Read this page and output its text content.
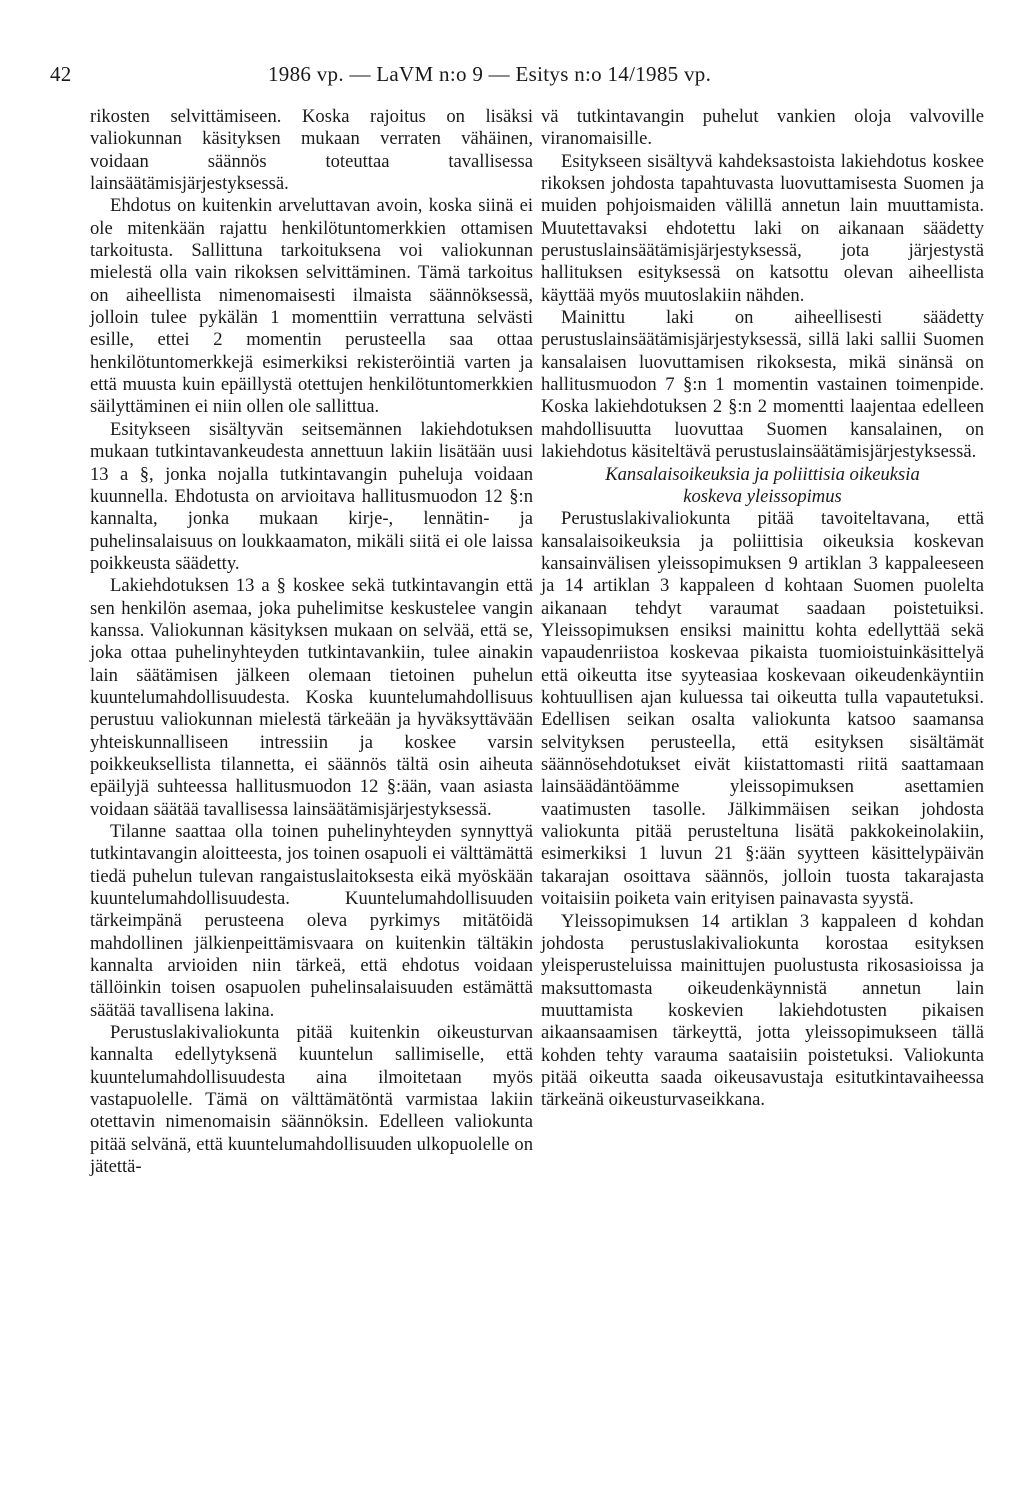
42	1986 vp. — LaVM n:o 9 — Esitys n:o 14/1985 vp.

rikosten selvittämiseen. Koska rajoitus on lisäksi valiokunnan käsityksen mukaan verraten vähäinen, voidaan säännös toteuttaa tavallisessa lainsäätämisjärjestyksessä.

Ehdotus on kuitenkin arveluttavan avoin, koska siinä ei ole mitenkään rajattu henkilötuntomerkkien ottamisen tarkoitusta. Sallittuna tarkoituksena voi valiokunnan mielestä olla vain rikoksen selvittäminen. Tämä tarkoitus on aiheellista nimenomaisesti ilmaista säännöksessä, jolloin tulee pykälän 1 momenttiin verrattuna selvästi esille, ettei 2 momentin perusteella saa ottaa henkilötuntomerkkejä esimerkiksi rekisteröintiä varten ja että muusta kuin epäillystä otettujen henkilötuntomerkkien säilyttäminen ei niin ollen ole sallittua.

Esitykseen sisältyvän seitsemännen lakiehdotuksen mukaan tutkintavankeudesta annettuun lakiin lisätään uusi 13 a §, jonka nojalla tutkintavangin puheluja voidaan kuunnella. Ehdotusta on arvioitava hallitusmuodon 12 §:n kannalta, jonka mukaan kirje-, lennätin- ja puhelinsalaisuus on loukkaamaton, mikäli siitä ei ole laissa poikkeusta säädetty.

Lakiehdotuksen 13 a § koskee sekä tutkintavangin että sen henkilön asemaa, joka puhelimitse keskustelee vangin kanssa. Valiokunnan käsityksen mukaan on selvää, että se, joka ottaa puhelinyhteyden tutkintavankiin, tulee ainakin lain säätämisen jälkeen olemaan tietoinen puhelun kuuntelumahdollisuudesta. Koska kuuntelumahdollisuus perustuu valiokunnan mielestä tärkeään ja hyväksyttävään yhteiskunnalliseen intressiin ja koskee varsin poikkeuksellista tilannetta, ei säännös tältä osin aiheuta epäilyjä suhteessa hallitusmuodon 12 §:ään, vaan asiasta voidaan säätää tavallisessa lainsäätämisjärjestyksessä.

Tilanne saattaa olla toinen puhelinyhteyden synnyttyä tutkintavangin aloitteesta, jos toinen osapuoli ei välttämättä tiedä puhelun tulevan rangaistuslaitoksesta eikä myöskään kuuntelumahdollisuudesta. Kuuntelumahdollisuuden tärkeimpänä perusteena oleva pyrkimys mitätöidä mahdollinen jälkienpeittämisvaara on kuitenkin tältäkin kannalta arvioiden niin tärkeä, että ehdotus voidaan tällöinkin toisen osapuolen puhelinsalaisuuden estämättä säätää tavallisena lakina.

Perustuslakivaliokunta pitää kuitenkin oikeusturvan kannalta edellytyksenä kuuntelun sallimiselle, että kuuntelumahdollisuudesta aina ilmoitetaan myös vastapuolelle. Tämä on välttämätöntä varmistaa lakiin otettavin nimenomaisin säännöksin. Edelleen valiokunta pitää selvänä, että kuuntelumahdollisuuden ulkopuolelle on jätettä-

vä tutkintavangin puhelut vankien oloja valvoville viranomaisille.

Esitykseen sisältyvä kahdeksastoista lakiehdotus koskee rikoksen johdosta tapahtuvasta luovuttamisesta Suomen ja muiden pohjoismaiden välillä annetun lain muuttamista. Muutettavaksi ehdotettu laki on aikanaan säädetty perustuslainsäätämisjärjestyksessä, jota järjestystä hallituksen esityksessä on katsottu olevan aiheellista käyttää myös muutoslakiin nähden.

Mainittu laki on aiheellisesti säädetty perustuslainsäätämisjärjestyksessä, sillä laki sallii Suomen kansalaisen luovuttamisen rikoksesta, mikä sinänsä on hallitusmuodon 7 §:n 1 momentin vastainen toimenpide. Koska lakiehdotuksen 2 §:n 2 momentti laajentaa edelleen mahdollisuutta luovuttaa Suomen kansalainen, on lakiehdotus käsiteltävä perustuslainsäätämisjärjestyksessä.

Kansalaisoikeuksia ja poliittisia oikeuksia
koskeva yleissopimus

Perustuslakivaliokunta pitää tavoiteltavana, että kansalaisoikeuksia ja poliittisia oikeuksia koskevan kansainvälisen yleissopimuksen 9 artiklan 3 kappaleeseen ja 14 artiklan 3 kappaleen d kohtaan Suomen puolelta aikanaan tehdyt varaumat saadaan poistetuiksi. Yleissopimuksen ensiksi mainittu kohta edellyttää sekä vapaudenriistoa koskevaa pikaista tuomioistuinkäsittelyä että oikeutta itse syyteasiaa koskevaan oikeudenkäyntiin kohtuullisen ajan kuluessa tai oikeutta tulla vapautetuksi. Edellisen seikan osalta valiokunta katsoo saamansa selvityksen perusteella, että esityksen sisältämät säännösehdotukset eivät kiistattomasti riitä saattamaan lainsäädäntöämme yleissopimuksen asettamien vaatimusten tasolle. Jälkimmäisen seikan johdosta valiokunta pitää perusteltuna lisätä pakkokeinolakiin, esimerkiksi 1 luvun 21 §:ään syytteen käsittelypäivän takarajan osoittava säännös, jolloin tuosta takarajasta voitaisiin poiketa vain erityisen painavasta syystä.

Yleissopimuksen 14 artiklan 3 kappaleen d kohdan johdosta perustuslakivaliokunta korostaa esityksen yleisperusteluissa mainittujen puolustusta rikosasioissa ja maksuttomasta oikeudenkäynnistä annetun lain muuttamista koskevien lakiehdotusten pikaisen aikaansaamisen tärkeyttä, jotta yleissopimukseen tällä kohden tehty varauma saataisiin poistetuksi. Valiokunta pitää oikeutta saada oikeusavustaja esitutkintavaiheessa tärkeänä oikeusturvaseikkana.
